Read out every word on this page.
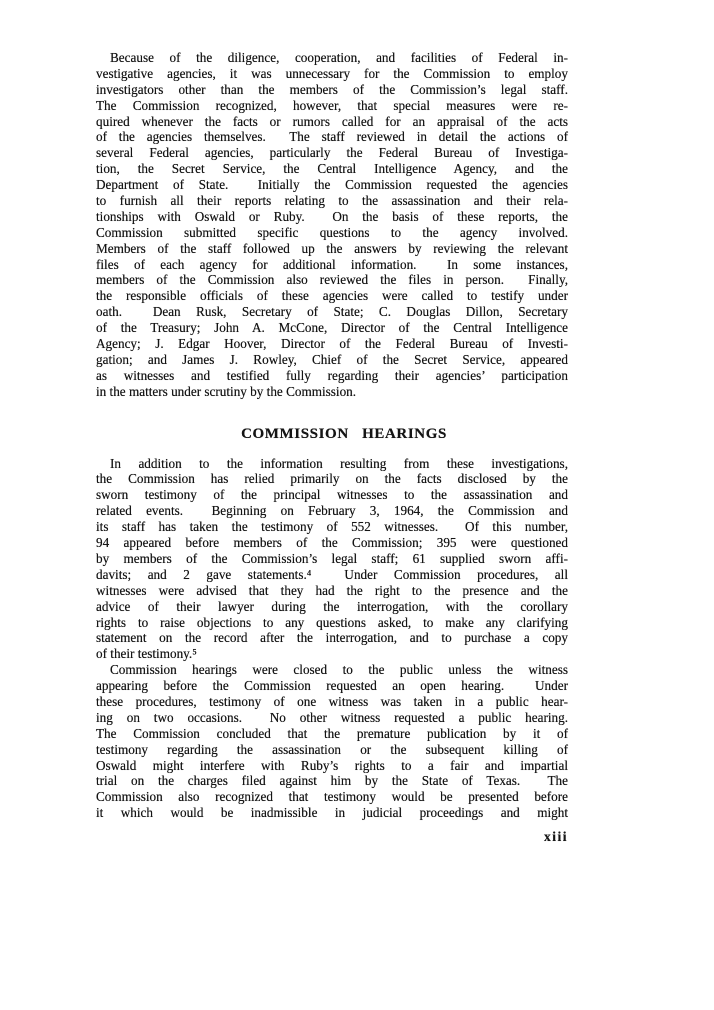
Because of the diligence, cooperation, and facilities of Federal in-
vestigative agencies, it was unnecessary for the Commission to employ
investigators other than the members of the Commission’s legal staff.
The Commission recognized, however, that special measures were re-
quired whenever the facts or rumors called for an appraisal of the acts
of the agencies themselves.  The staff reviewed in detail the actions of
several Federal agencies, particularly the Federal Bureau of Investiga-
tion, the Secret Service, the Central Intelligence Agency, and the
Department of State.  Initially the Commission requested the agencies
to furnish all their reports relating to the assassination and their rela-
tionships with Oswald or Ruby.  On the basis of these reports, the
Commission submitted specific questions to the agency involved.
Members of the staff followed up the answers by reviewing the relevant
files of each agency for additional information.  In some instances,
members of the Commission also reviewed the files in person.  Finally,
the responsible officials of these agencies were called to testify under
oath.  Dean Rusk, Secretary of State; C. Douglas Dillon, Secretary
of the Treasury; John A. McCone, Director of the Central Intelligence
Agency; J. Edgar Hoover, Director of the Federal Bureau of Investi-
gation; and James J. Rowley, Chief of the Secret Service, appeared
as witnesses and testified fully regarding their agencies’ participation
in the matters under scrutiny by the Commission.
COMMISSION HEARINGS
In addition to the information resulting from these investigations,
the Commission has relied primarily on the facts disclosed by the
sworn testimony of the principal witnesses to the assassination and
related events.  Beginning on February 3, 1964, the Commission and
its staff has taken the testimony of 552 witnesses.  Of this number,
94 appeared before members of the Commission; 395 were questioned
by members of the Commission’s legal staff; 61 supplied sworn affi-
davits; and 2 gave statements.⁴  Under Commission procedures, all
witnesses were advised that they had the right to the presence and the
advice of their lawyer during the interrogation, with the corollary
rights to raise objections to any questions asked, to make any clarifying
statement on the record after the interrogation, and to purchase a copy
of their testimony.⁵
Commission hearings were closed to the public unless the witness
appearing before the Commission requested an open hearing.  Under
these procedures, testimony of one witness was taken in a public hear-
ing on two occasions.  No other witness requested a public hearing.
The Commission concluded that the premature publication by it of
testimony regarding the assassination or the subsequent killing of
Oswald might interfere with Ruby’s rights to a fair and impartial
trial on the charges filed against him by the State of Texas.  The
Commission also recognized that testimony would be presented before
it which would be inadmissible in judicial proceedings and might
xiii
